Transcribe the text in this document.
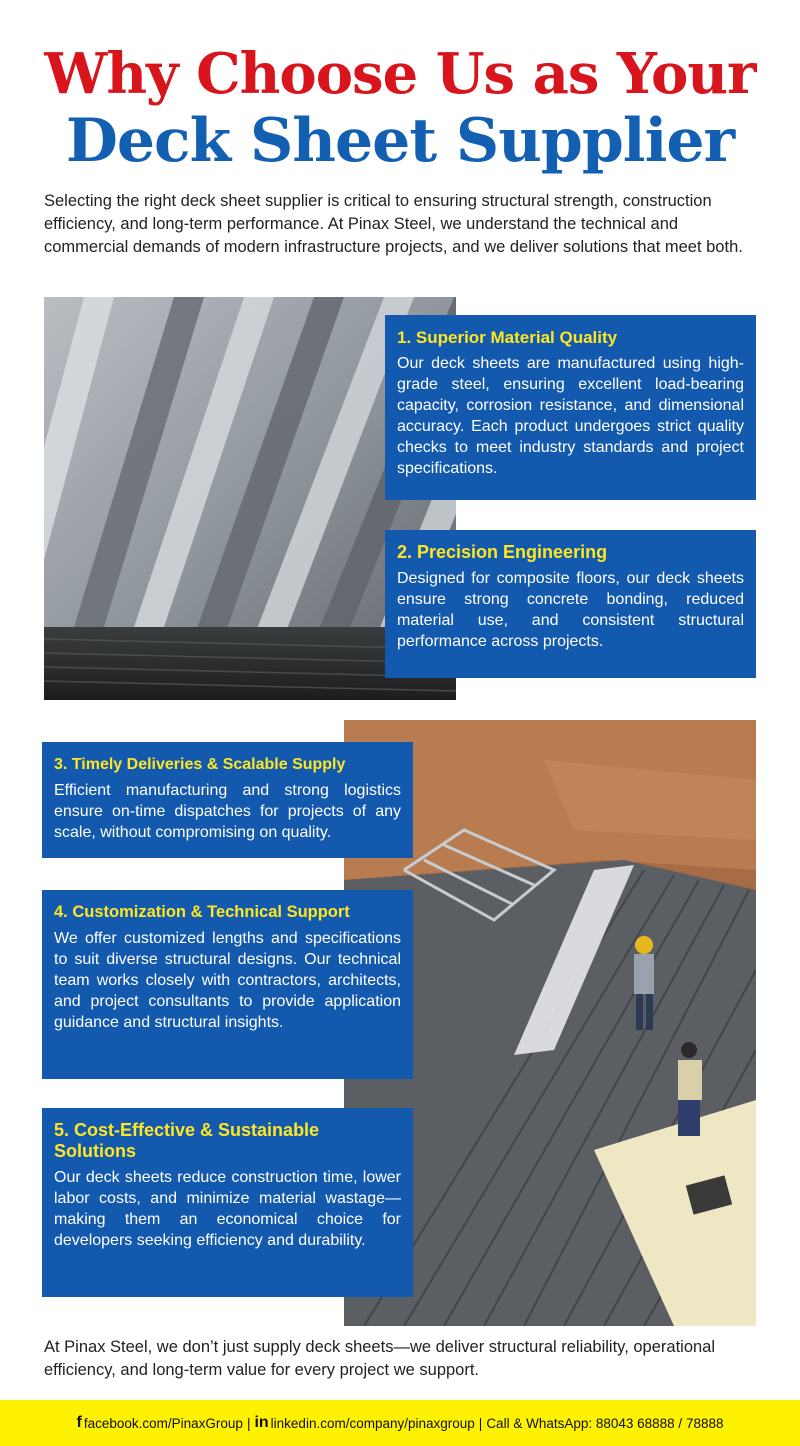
Why Choose Us as Your
Deck Sheet Supplier
Selecting the right deck sheet supplier is critical to ensuring structural strength, construction efficiency, and long-term performance. At Pinax Steel, we understand the technical and commercial demands of modern infrastructure projects, and we deliver solutions that meet both.
1. Superior Material Quality
Our deck sheets are manufactured using high-grade steel, ensuring excellent load-bearing capacity, corrosion resistance, and dimensional accuracy. Each product undergoes strict quality checks to meet industry standards and project specifications.
2. Precision Engineering
Designed for composite floors, our deck sheets ensure strong concrete bonding, reduced material use, and consistent structural performance across projects.
3. Timely Deliveries & Scalable Supply
Efficient manufacturing and strong logistics ensure on-time dispatches for projects of any scale, without compromising on quality.
4. Customization & Technical Support
We offer customized lengths and specifications to suit diverse structural designs. Our technical team works closely with contractors, architects, and project consultants to provide application guidance and structural insights.
5. Cost-Effective & Sustainable Solutions
Our deck sheets reduce construction time, lower labor costs, and minimize material wastage—making them an economical choice for developers seeking efficiency and durability.
At Pinax Steel, we don’t just supply deck sheets—we deliver structural reliability, operational efficiency, and long-term value for every project we support.
f facebook.com/PinaxGroup | in linkedin.com/company/pinaxgroup | Call & WhatsApp: 88043 68888 / 78888
